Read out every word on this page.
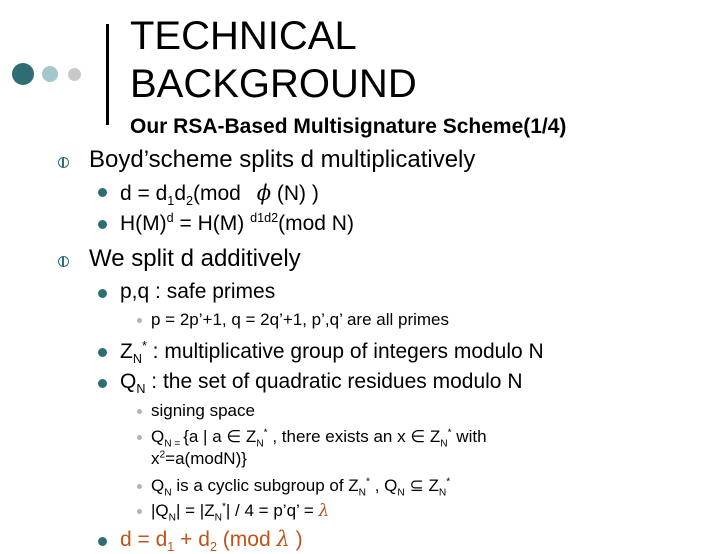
TECHNICAL
BACKGROUND
Our RSA-Based Multisignature Scheme(1/4)
Boyd’scheme splits d multiplicatively
$d = d_1d_2(mod$ ϕ (N) )
$H(M)^d = H(M)$ $^{d1d2}$(mod N)
We split d additively
p,q : safe primes
p = 2p’+1, q = 2q’+1, p’,q’ are all primes
$Z_N^*$ : multiplicative group of integers modulo N
$Q_N$ : the set of quadratic residues modulo N
signing space
$Q_{N =}$ {a | a ∈ $Z_N^*$ , there exists an x ∈ $Z_N^*$ with
$x^2=a(modN)$}
$Q_N$ is a cyclic subgroup of $Z_N^*$ , $Q_N$ ⊆ $Z_N^*$
$|Q_N| = |Z_N^*| / 4$ = p’q’ = λ
$d = d_1 + d_2$ (mod λ )
